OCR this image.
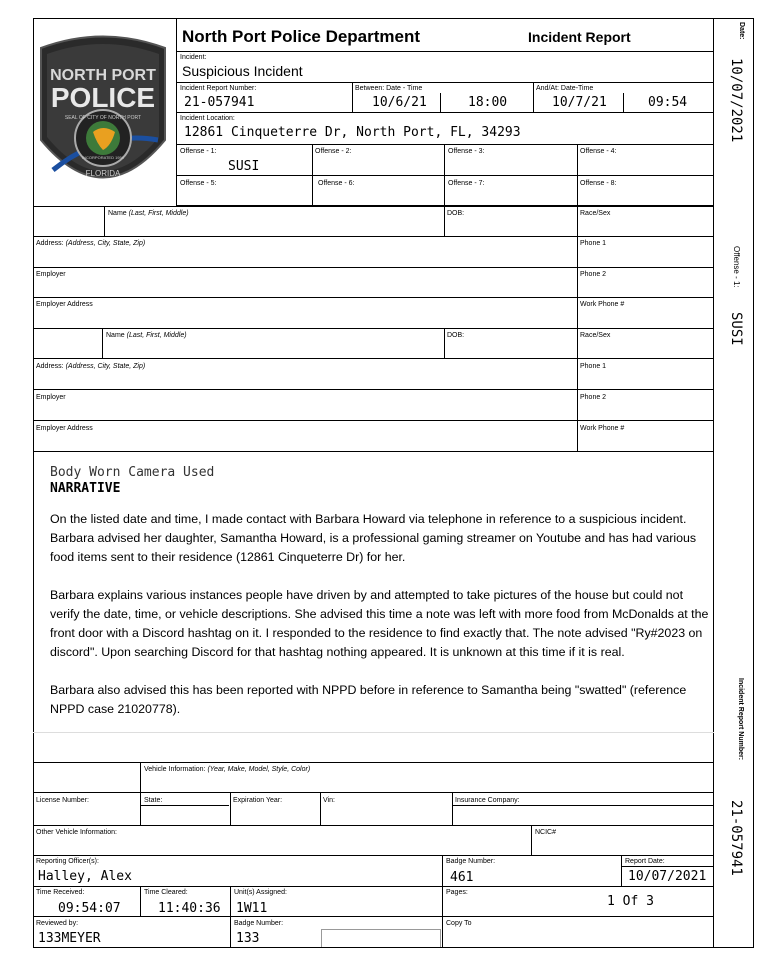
NORTH PORT
POLICE
SEAL OF CITY OF NORTH PORT
INCORPORATED 1959
FLORIDA
North Port Police Department	Incident Report
Incident:
Suspicious Incident
Incident Report Number:
21-057941
Between: Date - Time
10/6/21	18:00
And/At: Date-Time
10/7/21	09:54
Incident Location:
12861 Cinqueterre Dr, North Port, FL, 34293
Offense - 1:
SUSI
Offense - 2:	Offense - 3:	Offense - 4:
Offense - 5:	Offense - 6:	Offense - 7:	Offense - 8:
Name (Last, First, Middle)	DOB:	Race/Sex
Address: (Address, City, State, Zip)	Phone 1
Employer	Phone 2
Employer Address	Work Phone #
Name (Last, First, Middle)	DOB:	Race/Sex
Address: (Address, City, State, Zip)	Phone 1
Employer	Phone 2
Employer Address	Work Phone #
Body Worn Camera Used
NARRATIVE

On the listed date and time, I made contact with Barbara Howard via telephone in reference to a suspicious incident. Barbara advised her daughter, Samantha Howard, is a professional gaming streamer on Youtube and has had various food items sent to their residence (12861 Cinqueterre Dr) for her.

Barbara explains various instances people have driven by and attempted to take pictures of the house but could not verify the date, time, or vehicle descriptions. She advised this time a note was left with more food from McDonalds at the front door with a Discord hashtag on it. I responded to the residence to find exactly that. The note advised "Ry#2023 on discord". Upon searching Discord for that hashtag nothing appeared. It is unknown at this time if it is real.

Barbara also advised this has been reported with NPPD before in reference to Samantha being "swatted" (reference NPPD case 21020778).

Vehicle Information: (Year, Make, Model, Style, Color)
License Number:	State:	Expiration Year:	Vin:	Insurance Company:
Other Vehicle Information:	NCIC#
Reporting Officer(s):
Halley, Alex
Badge Number:
461
Report Date:
10/07/2021
Time Received:
09:54:07
Time Cleared:
11:40:36
Unit(s) Assigned:
1W11
Pages:
1 Of 3
Reviewed by:
133MEYER
Badge Number:
133
Copy To
Date:
10/07/2021
Offense - 1:
SUSI
Incident Report Number:
21-057941
